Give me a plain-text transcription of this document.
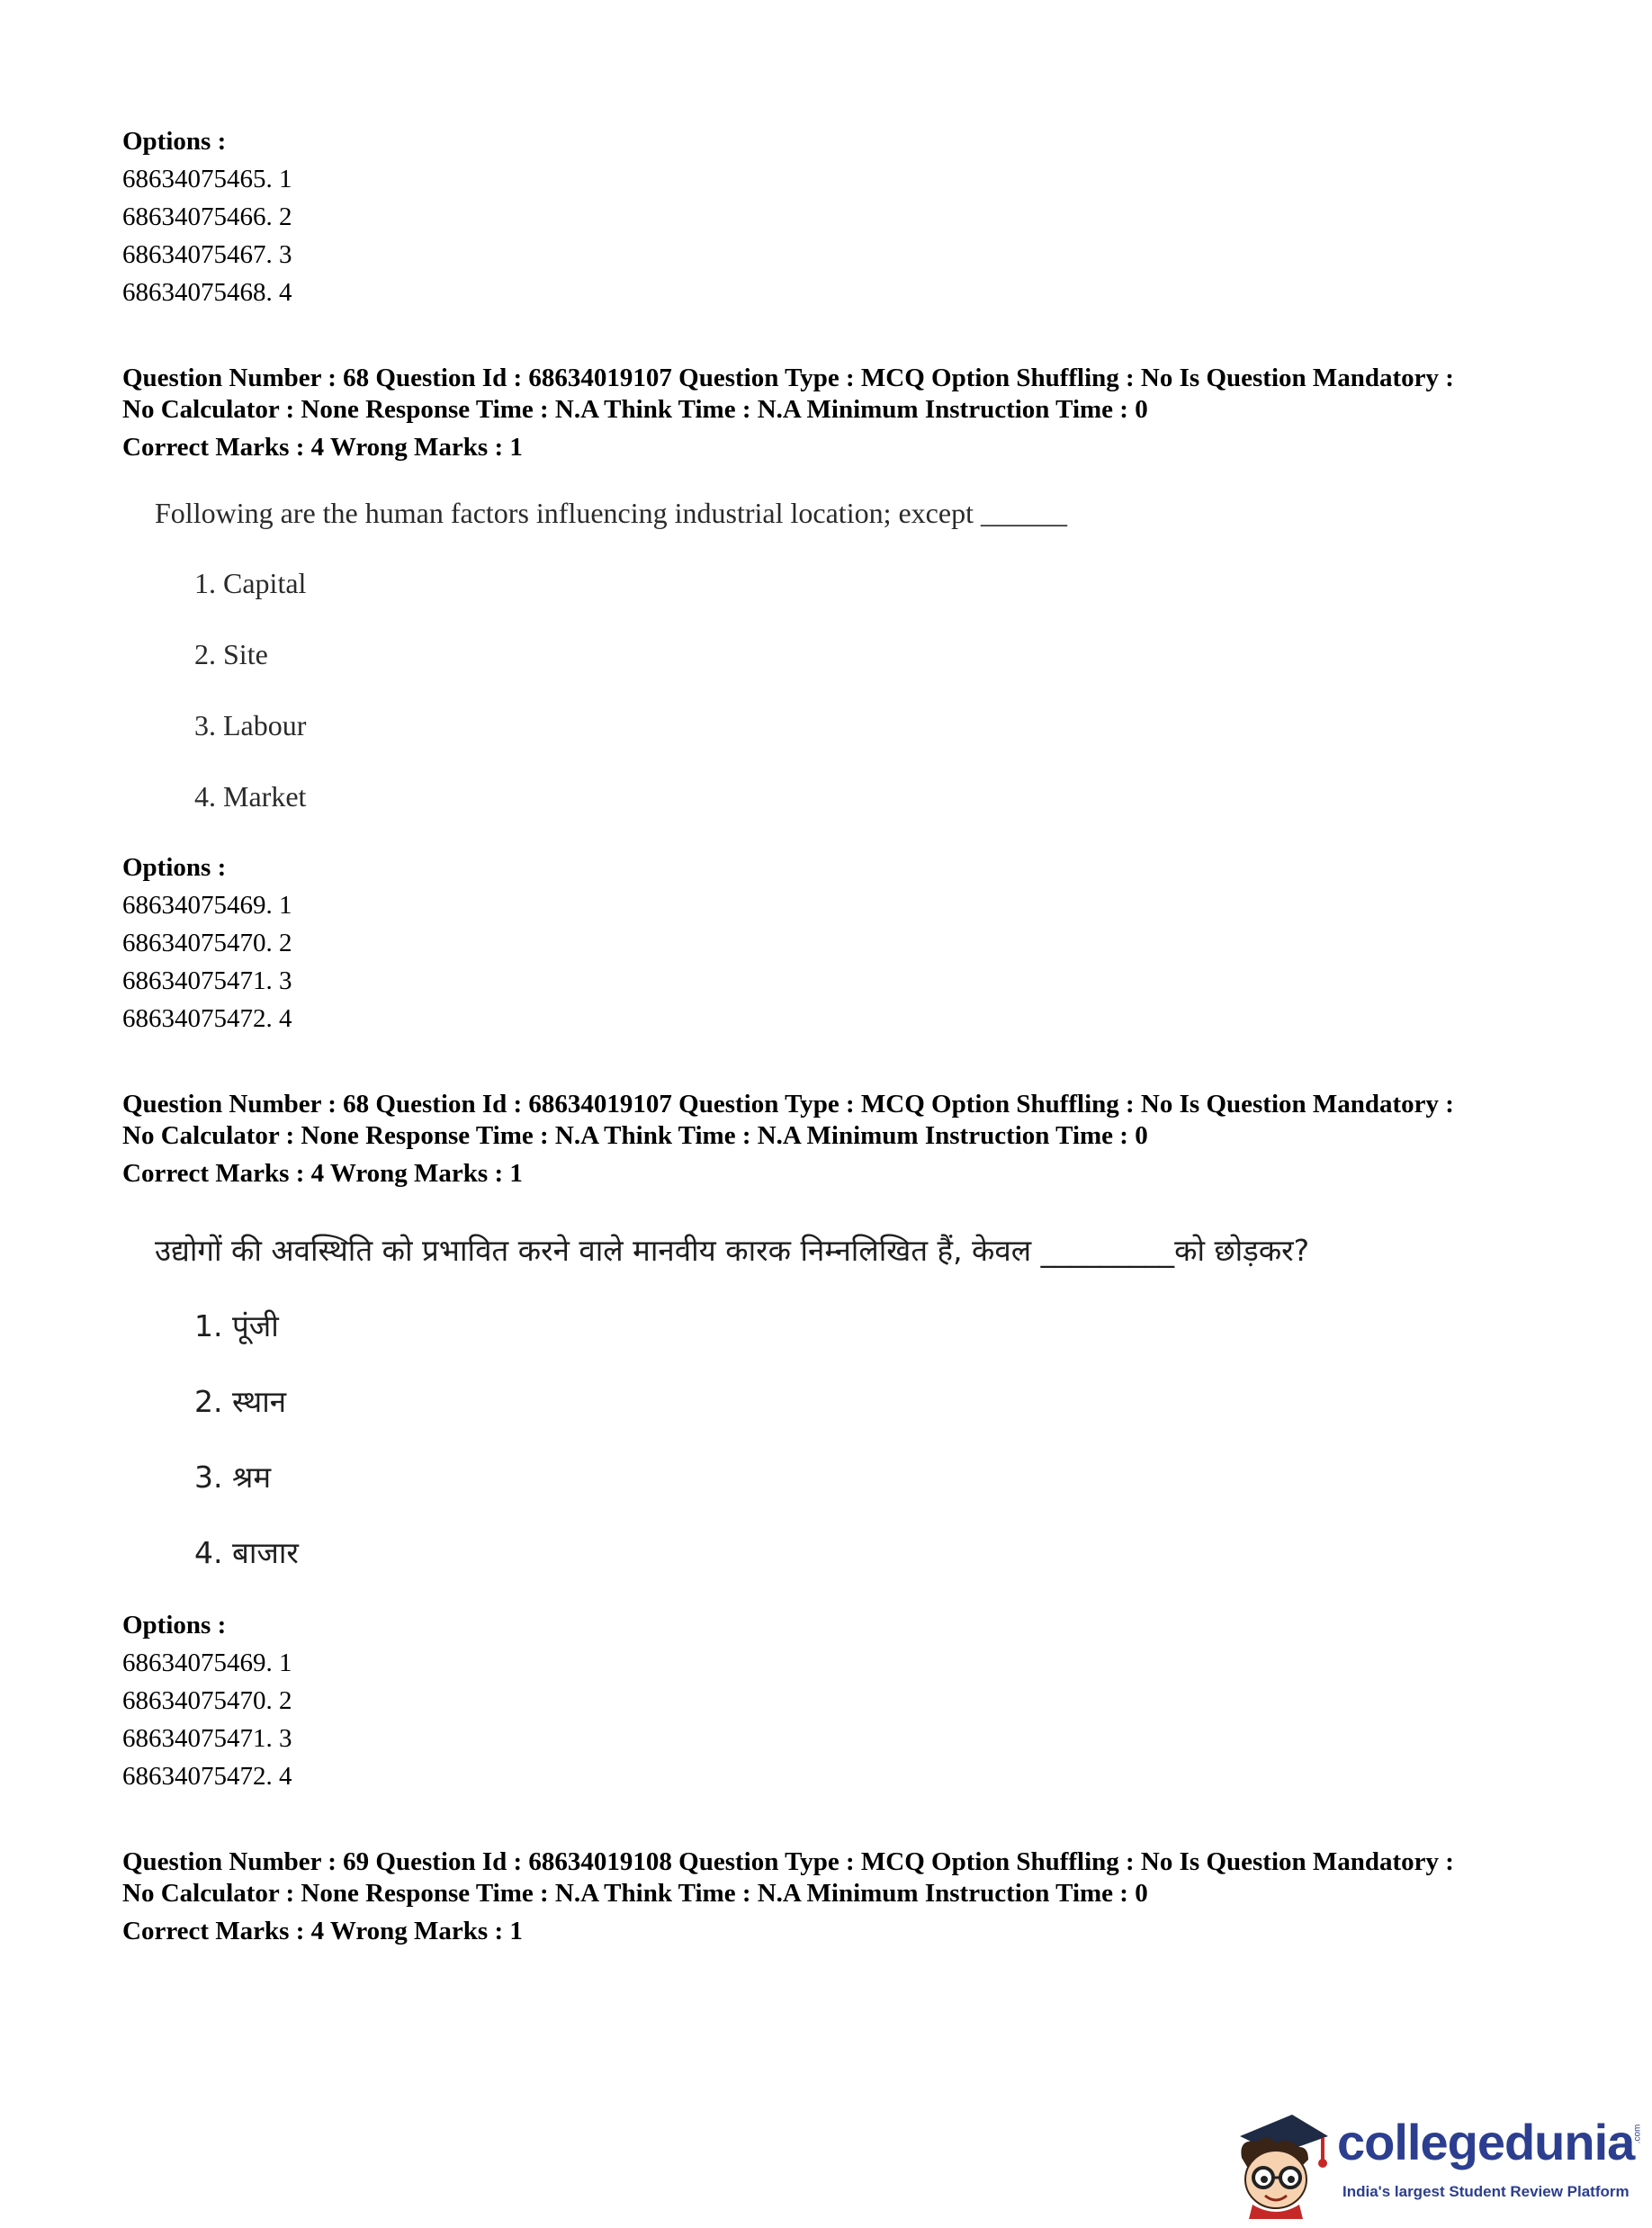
Options :
68634075465. 1
68634075466. 2
68634075467. 3
68634075468. 4
Question Number : 68 Question Id : 68634019107 Question Type : MCQ Option Shuffling : No Is Question Mandatory :
No Calculator : None Response Time : N.A Think Time : N.A Minimum Instruction Time : 0
Correct Marks : 4 Wrong Marks : 1
Following are the human factors influencing industrial location; except ______
1. Capital
2. Site
3. Labour
4. Market
Options :
68634075469. 1
68634075470. 2
68634075471. 3
68634075472. 4
Question Number : 68 Question Id : 68634019107 Question Type : MCQ Option Shuffling : No Is Question Mandatory :
No Calculator : None Response Time : N.A Think Time : N.A Minimum Instruction Time : 0
Correct Marks : 4 Wrong Marks : 1
उद्योगों की अवस्थिति को प्रभावित करने वाले मानवीय कारक निम्नलिखित हैं, केवल _________को छोड़कर?
1. पूंजी
2. स्थान
3. श्रम
4. बाजार
Options :
68634075469. 1
68634075470. 2
68634075471. 3
68634075472. 4
Question Number : 69 Question Id : 68634019108 Question Type : MCQ Option Shuffling : No Is Question Mandatory :
No Calculator : None Response Time : N.A Think Time : N.A Minimum Instruction Time : 0
Correct Marks : 4 Wrong Marks : 1
collegedunia
.com
India's largest Student Review Platform
